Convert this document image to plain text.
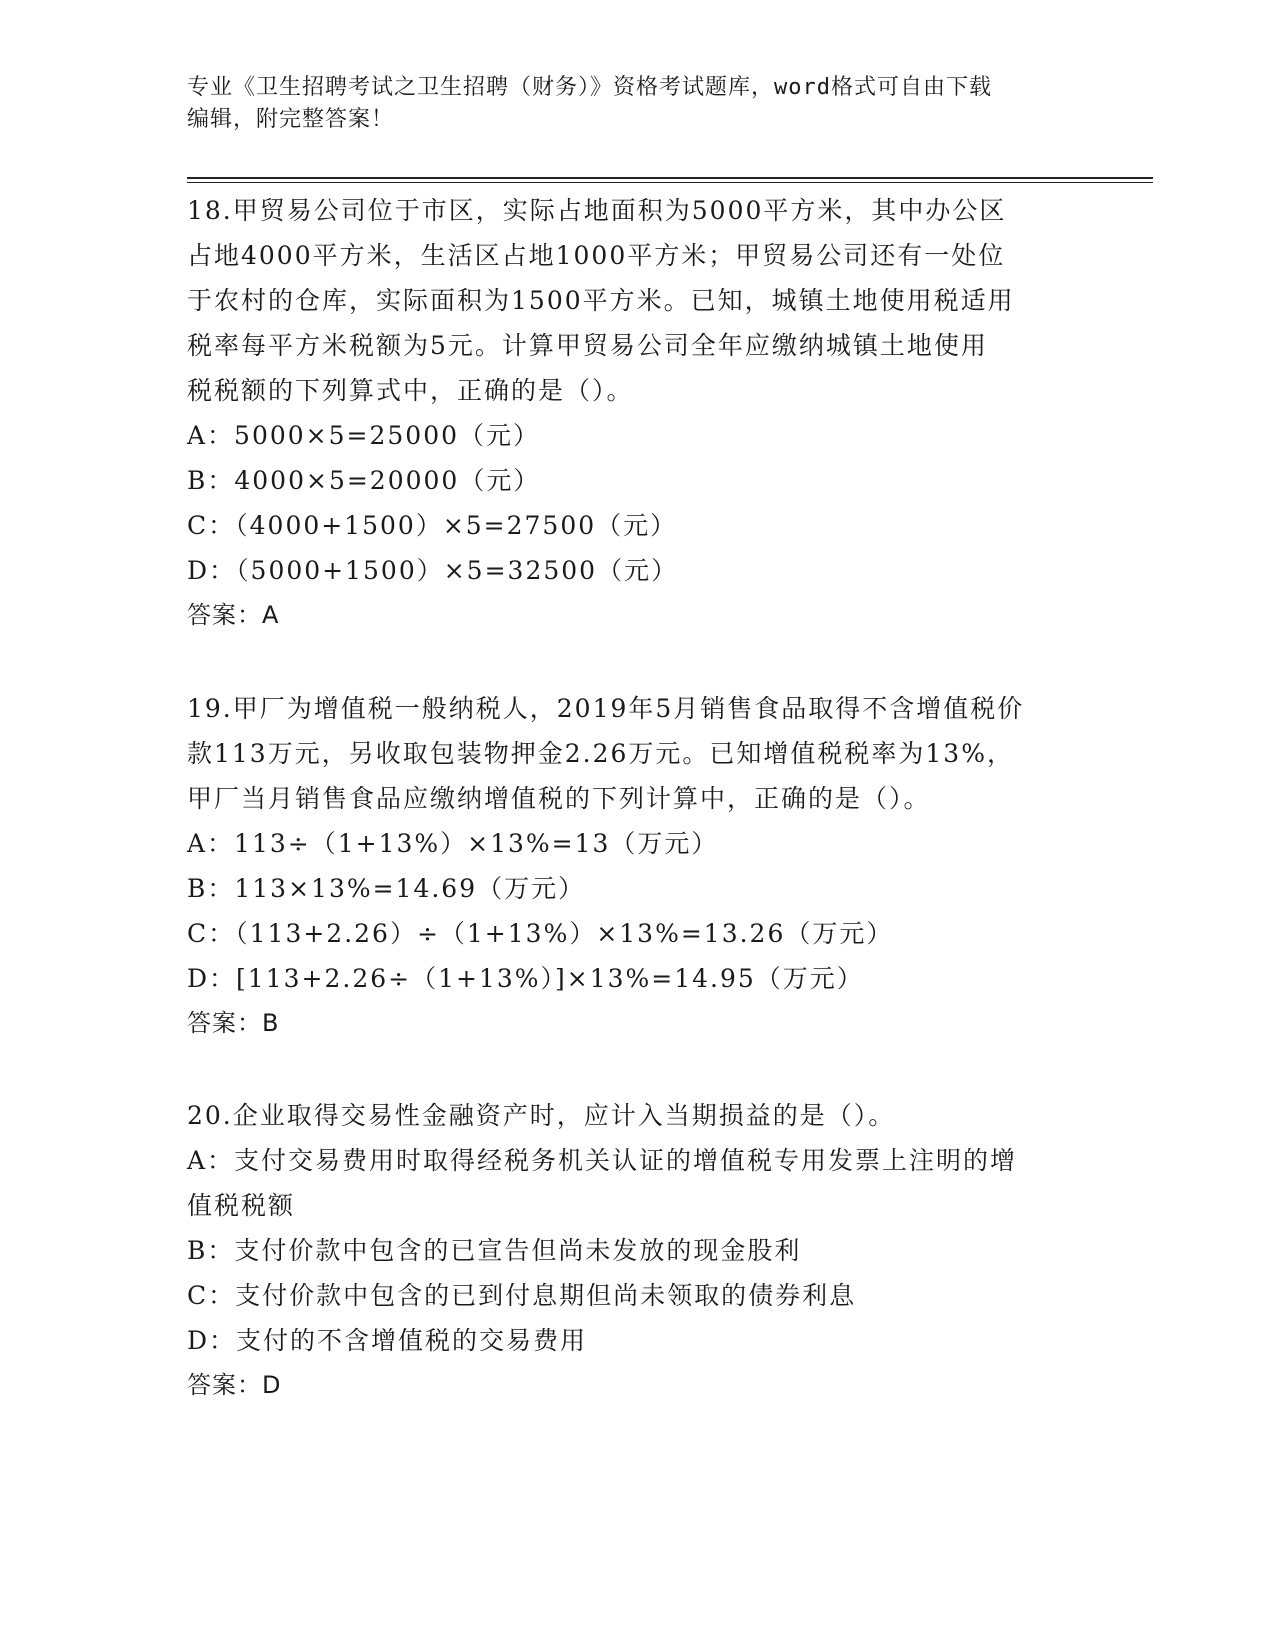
专业《卫生招聘考试之卫生招聘（财务）》资格考试题库，word格式可自由下载
编辑，附完整答案！

18.甲贸易公司位于市区，实际占地面积为5000平方米，其中办公区

占地4000平方米，生活区占地1000平方米；甲贸易公司还有一处位

于农村的仓库，实际面积为1500平方米。已知，城镇土地使用税适用

税率每平方米税额为5元。计算甲贸易公司全年应缴纳城镇土地使用

税税额的下列算式中，正确的是（）。

A：5000×5=25000（元）

B：4000×5=20000（元）

C：（4000+1500）×5=27500（元）

D：（5000+1500）×5=32500（元）

答案：A

19.甲厂为增值税一般纳税人，2019年5月销售食品取得不含增值税价

款113万元，另收取包装物押金2.26万元。已知增值税税率为13%，

甲厂当月销售食品应缴纳增值税的下列计算中，正确的是（）。

A：113÷（1+13%）×13%=13（万元）

B：113×13%=14.69（万元）

C：（113+2.26）÷（1+13%）×13%=13.26（万元）

D：[113+2.26÷（1+13%）]×13%=14.95（万元）

答案：B

20.企业取得交易性金融资产时，应计入当期损益的是（）。

A：支付交易费用时取得经税务机关认证的增值税专用发票上注明的增

值税税额

B：支付价款中包含的已宣告但尚未发放的现金股利

C：支付价款中包含的已到付息期但尚未领取的债券利息

D：支付的不含增值税的交易费用

答案：D
